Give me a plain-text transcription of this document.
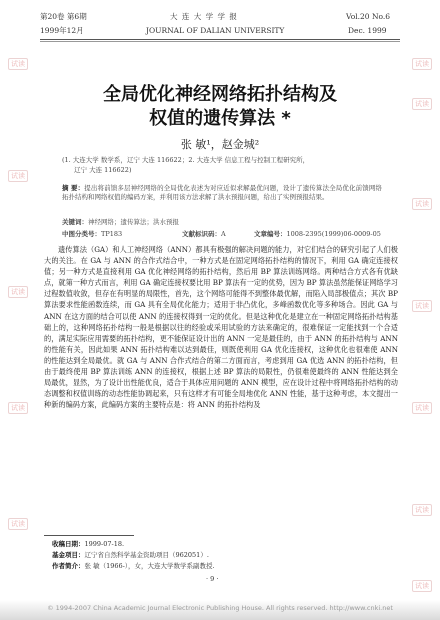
第20卷 第6期
1999年12月
大 连 大 学 学 报
JOURNAL OF DALIAN UNIVERSITY
Vol.20 No.6
Dec. 1999
试读
试读
试读
试读
试读
试读
试读
试读
试读
试读
试读
试读
全局优化神经网络拓扑结构及
权值的遗传算法 *
张 敏¹，赵金城²
(1. 大连大学 数学系，辽宁 大连 116622；2. 大连大学 信息工程与控制工程研究所，
辽宁 大连 116622)
摘 要：提出将前馈多层神经网络的全局优化表述为对应近似求解最优问题，设计了遗传算法全局优化前馈网络拓扑结构和网络权值的编码方案，并利用该方法求解了洪水预报问题，给出了实例预报结果。
关键词：神经网络；遗传算法；洪水预报
中图分类号：TP183	文献标识码：A	文章编号：1008-2395(1999)06-0009-05
遗传算法（GA）和人工神经网络（ANN）都具有极强的解决问题的能力，对它们结合的研究引起了人们极大的关注。在 GA 与 ANN 的合作式结合中，一种方式是在固定网络拓扑结构的情况下，利用 GA 确定连接权值；另一种方式是直接利用 GA 优化神经网络的拓扑结构，然后用 BP 算法训练网络。两种结合方式各有优缺点，就第一种方式而言，利用 GA 确定连接权要比用 BP 算法有一定的优势，因为 BP 算法虽然能保证网络学习过程数值收敛，但存在有明显的局限性，首先，这个网络可能得不到整体最优解，而陷入局部极值点；其次 BP 算法要求性能函数连续，而 GA 具有全局优化能力；适用于非凸优化，多峰函数优化等多种场合。因此 GA 与 ANN 在这方面的结合可以使 ANN 的连接权得到一定的优化。但是这种优化是建立在一种固定网络拓扑结构基础上的，这种网络拓扑结构一般是根据以往的经验或采用试验的方法来确定的，很难保证一定能找到一个合适的，满足实际应用需要的拓扑结构，更不能保证设计出的 ANN 一定是最佳的，由于 ANN 的拓扑结构与 ANN 的性能有关，因此如果 ANN 拓扑结构难以达到最佳，则既使利用 GA 优化连接权，这种优化也很难使 ANN 的性能达到全局最优。就 GA 与 ANN 合作式结合的第二方面而言，考虑到用 GA 优选 ANN 的拓扑结构，但由于最终使用 BP 算法训练 ANN 的连接权，根据上述 BP 算法的局限性，仍很难使最终的 ANN 性能达到全局最优，显然，为了设计出性能优良，适合于具体应用问题的 ANN 模型，应在设计过程中将网络拓扑结构的动态调整和权值训练的动态性能协调起来，只有这样才有可能全局地优化 ANN 性能，基于这种考虑，本文提出一种新的编码方案，此编码方案的主要特点是：将 ANN 的拓扑结构及
收稿日期：1999-07-18.
基金项目：辽宁省自然科学基金资助项目（962051）.
作者简介：张 敏（1966-），女，大连大学数学系副教授.
· 9 ·
© 1994-2007 China Academic Journal Electronic Publishing House. All rights reserved. http://www.cnki.net
